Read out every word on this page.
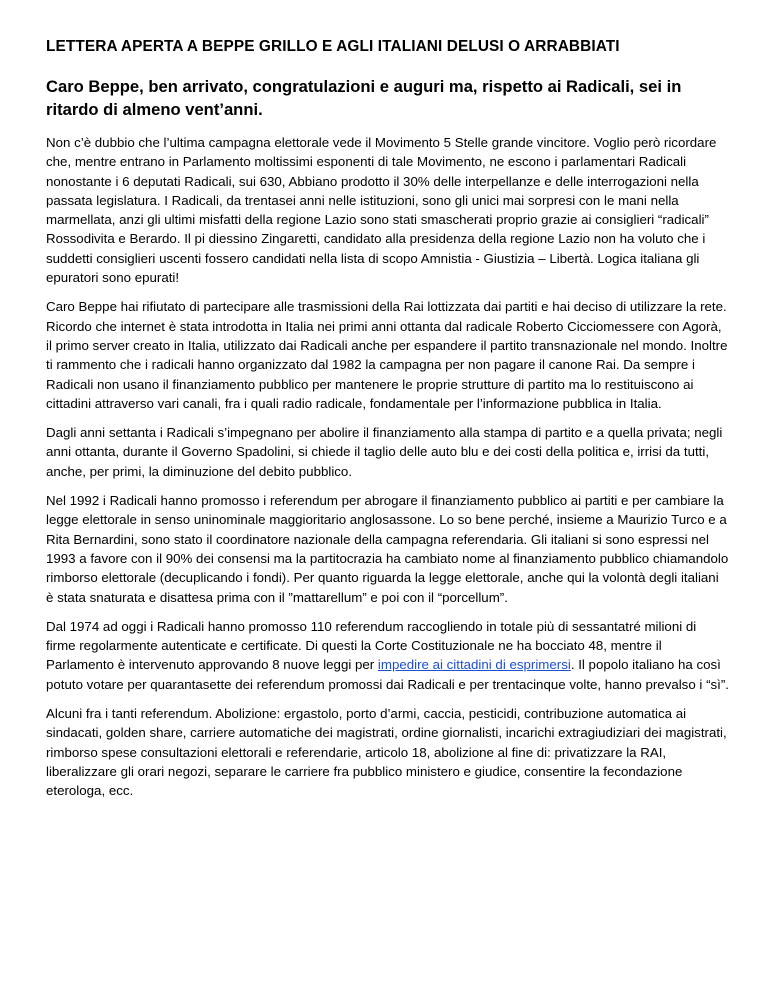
LETTERA APERTA A BEPPE GRILLO E AGLI ITALIANI DELUSI O ARRABBIATI
Caro Beppe, ben arrivato, congratulazioni e auguri ma, rispetto ai Radicali, sei in ritardo di almeno vent’anni.

Non c’è dubbio che l’ultima campagna elettorale vede il Movimento 5 Stelle grande vincitore. Voglio però ricordare che, mentre entrano in Parlamento moltissimi esponenti di tale Movimento, ne escono i parlamentari Radicali nonostante i 6 deputati Radicali, sui 630, Abbiano prodotto il 30% delle interpellanze e delle interrogazioni nella passata legislatura. I Radicali, da trentasei anni nelle istituzioni, sono gli unici mai sorpresi con le mani nella marmellata, anzi gli ultimi misfatti della regione Lazio sono stati smascherati proprio grazie ai consiglieri “radicali” Rossodivita e Berardo. Il pi diessino Zingaretti, candidato alla presidenza della regione Lazio non ha voluto che i suddetti consiglieri uscenti fossero candidati nella lista di scopo Amnistia - Giustizia – Libertà. Logica italiana gli epuratori sono epurati!

Caro Beppe hai rifiutato di partecipare alle trasmissioni della Rai lottizzata dai partiti e hai deciso di utilizzare la rete. Ricordo che internet è stata introdotta in Italia nei primi anni ottanta dal radicale Roberto Cicciomessere con Agorà, il primo server creato in Italia, utilizzato dai Radicali anche per espandere il partito transnazionale nel mondo. Inoltre ti rammento che i radicali hanno organizzato dal 1982 la campagna per non pagare il canone Rai. Da sempre i Radicali non usano il finanziamento pubblico per mantenere le proprie strutture di partito ma lo restituiscono ai cittadini attraverso vari canali, fra i quali radio radicale, fondamentale per l’informazione pubblica in Italia.

Dagli anni settanta i Radicali s’impegnano per abolire il finanziamento alla stampa di partito e a quella privata; negli anni ottanta, durante il Governo Spadolini, si chiede il taglio delle auto blu e dei costi della politica e, irrisi da tutti, anche, per primi, la diminuzione del debito pubblico.

Nel 1992 i Radicali hanno promosso i referendum per abrogare il finanziamento pubblico ai partiti e per cambiare la legge elettorale in senso uninominale maggioritario anglosassone. Lo so bene perché, insieme a Maurizio Turco e a Rita Bernardini, sono stato il coordinatore nazionale della campagna referendaria. Gli italiani si sono espressi nel 1993 a favore con il 90% dei consensi ma la partitocrazia ha cambiato nome al finanziamento pubblico chiamandolo rimborso elettorale (decuplicando i fondi). Per quanto riguarda la legge elettorale, anche qui la volontà degli italiani è stata snaturata e disattesa prima con il ”mattarellum” e poi con il “porcellum”.

Dal 1974 ad oggi i Radicali hanno promosso 110 referendum raccogliendo in totale più di sessantatré milioni di firme regolarmente autenticate e certificate. Di questi la Corte Costituzionale ne ha bocciato 48, mentre il Parlamento è intervenuto approvando 8 nuove leggi per impedire ai cittadini di esprimersi. Il popolo italiano ha così potuto votare per quarantasette dei referendum promossi dai Radicali e per trentacinque volte, hanno prevalso i “sì”.

Alcuni fra i tanti referendum. Abolizione: ergastolo, porto d’armi, caccia, pesticidi, contribuzione automatica ai sindacati, golden share, carriere automatiche dei magistrati, ordine giornalisti, incarichi extragiudiziari dei magistrati, rimborso spese consultazioni elettorali e referendarie, articolo 18, abolizione al fine di: privatizzare la RAI, liberalizzare gli orari negozi, separare le carriere fra pubblico ministero e giudice, consentire la fecondazione eterologa, ecc.
